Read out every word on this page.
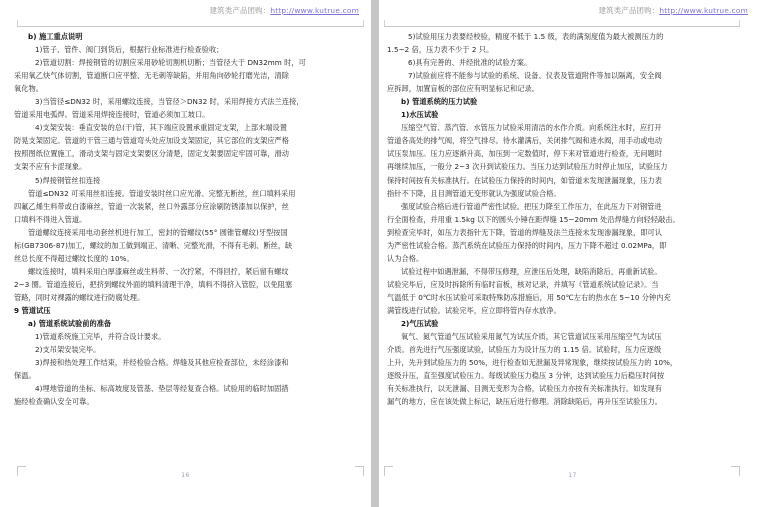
建筑类产品团购：http://www.kutrue.com

b) 施工重点说明

1)管子、管件、阀门到货后，根据行业标准进行检查验收；

2)管道切割：焊接钢管的切割应采用砂轮切割机切断；当管径大于 DN32mm 时，可

采用氧乙炔气体切割，管道断口应平整、无毛刺等缺陷，并用角向砂轮打磨光洁，清除

氧化物。

3)当管径≤DN32 时，采用螺纹连接，当管径＞DN32 时，采用焊接方式法兰连接，

管道采用电弧焊。管道采用焊接连接时，管道必须加工坡口。

4)支架安装：垂直安装的总(干)管，其下端应设置承重固定支架，上部末端设置

防晃支架固定。管道的干管三通与管道弯头处应加设支架固定，其它部位的支架应严格

按照图纸位置施工，滑动支架与固定支架要区分清楚，固定支架要固定牢固可靠，滑动

支架不应有卡涩现象。

5)焊接钢管丝扣连接

管道≤DN32 可采用丝扣连接。管道安装时丝口应光滑、完整无断丝，丝口填料采用

四氟乙烯生料带或白漆麻丝，管道一次装紧，丝口外露部分应涂刷防锈漆加以保护，丝

口填料不得进入管道。

管道螺纹连接采用电动套丝机进行加工，密封的管螺纹(55° 圆锥管螺纹)牙型按国

标(GB7306-87)加工，螺纹的加工做到端正、清晰、完整光滑，不得有毛刺、断丝，缺

丝总长度不得超过螺纹长度的 10%。

螺纹连接时，填料采用白厚漆麻丝或生料带、一次拧紧，不得回拧，紧后留有螺纹

2~3 圈。管道连接后，把挤到螺纹外面的填料清理干净，填料不得挤入管腔，以免阻塞

管路，同时对裸露的螺纹进行防腐处理。

9 管道试压

a) 管道系统试验前的准备

1)管道系统施工完毕，并符合设计要求。

2)支吊架安装完毕。

3)焊接和热处理工作结束，并经检验合格。焊缝及其他应检查部位，未经涂漆和

保温。

4)埋地管道的坐标、标高坡度及管基、垫层等经复查合格。试验用的临时加固措

施经检查确认安全可靠。

16
建筑类产品团购：http://www.kutrue.com

5)试验用压力表要经校验，精度不低于 1.5 级，表的满刻度值为最大被测压力的

1.5~2 倍，压力表不少于 2 只。

6)具有完善的、并经批准的试验方案。

7)试验前应将不能参与试验的系统、设备、仪表及管道附件等加以隔离，安全阀

应拆卸，加置盲板的部位应有明显标记和记录。

b) 管道系统的压力试验

1)水压试验

压缩空气管、蒸汽管、水管压力试验采用清洁的水作介质。向系统注水时，应打开

管道各高处的排气阀，将空气排尽。待水灌满后，关闭排气阀和进水阀，用手动或电动

试压泵加压。压力应逐渐升高，加压到一定数值时，停下来对管道进行检查，无问题时

再继续加压，一般分 2~3 次升到试验压力。当压力达到试验压力时停止加压，试验压力

保持时间按有关标准执行。在试验压力保持的时间内，如管道未发现泄漏现象，压力表

指针不下降，且目测管道无变形就认为强度试验合格。

强度试验合格后进行管道严密性试验。把压力降至工作压力，在此压力下对钢管进

行全面检查，并用重 1.5kg 以下的圆头小锤在距焊缝 15~20mm 处沿焊缝方向轻轻敲击。

到检查完毕时，如压力表指针无下降，管道的焊缝及法兰连接未发现渗漏现象，即可认

为严密性试验合格。蒸汽系统在试验压力保持的时间内，压力下降不超过 0.02MPa，即

认为合格。

试验过程中如遇泄漏，不得带压修理，应泄压后处理，缺陷消除后，再重新试验。

试验完毕后，应及时拆除所有临时盲板，核对记录，并填写《管道系统试验记录》。当

气温低于 0℃时水压试验可采取特殊防冻措施后，用 50℃左右的热水在 5~10 分钟内充

满管线进行试验。试验完毕，应立即将管内存水放净。

2)气压试验

氧气、氮气管道气压试验采用氮气为试压介质，其它管道试压采用压缩空气为试压

介质。首先进行气压强度试验，试验压力为设计压力的 1.15 倍。试验时，压力应逐级

上升，先升到试验压力的 50%，进行检查如无泄漏及异常现象，继续按试验压力的 10%，

逐级升压，直至强度试验压力。每级试验压力稳压 3 分钟，达到试验压力后稳压时间按

有关标准执行，以无泄漏、目测无变形为合格，试验压力亦按有关标准执行。如发现有

漏气的地方，应在该处做上标记，缺压后进行修理。消除缺陷后，再升压至试验压力。

17
